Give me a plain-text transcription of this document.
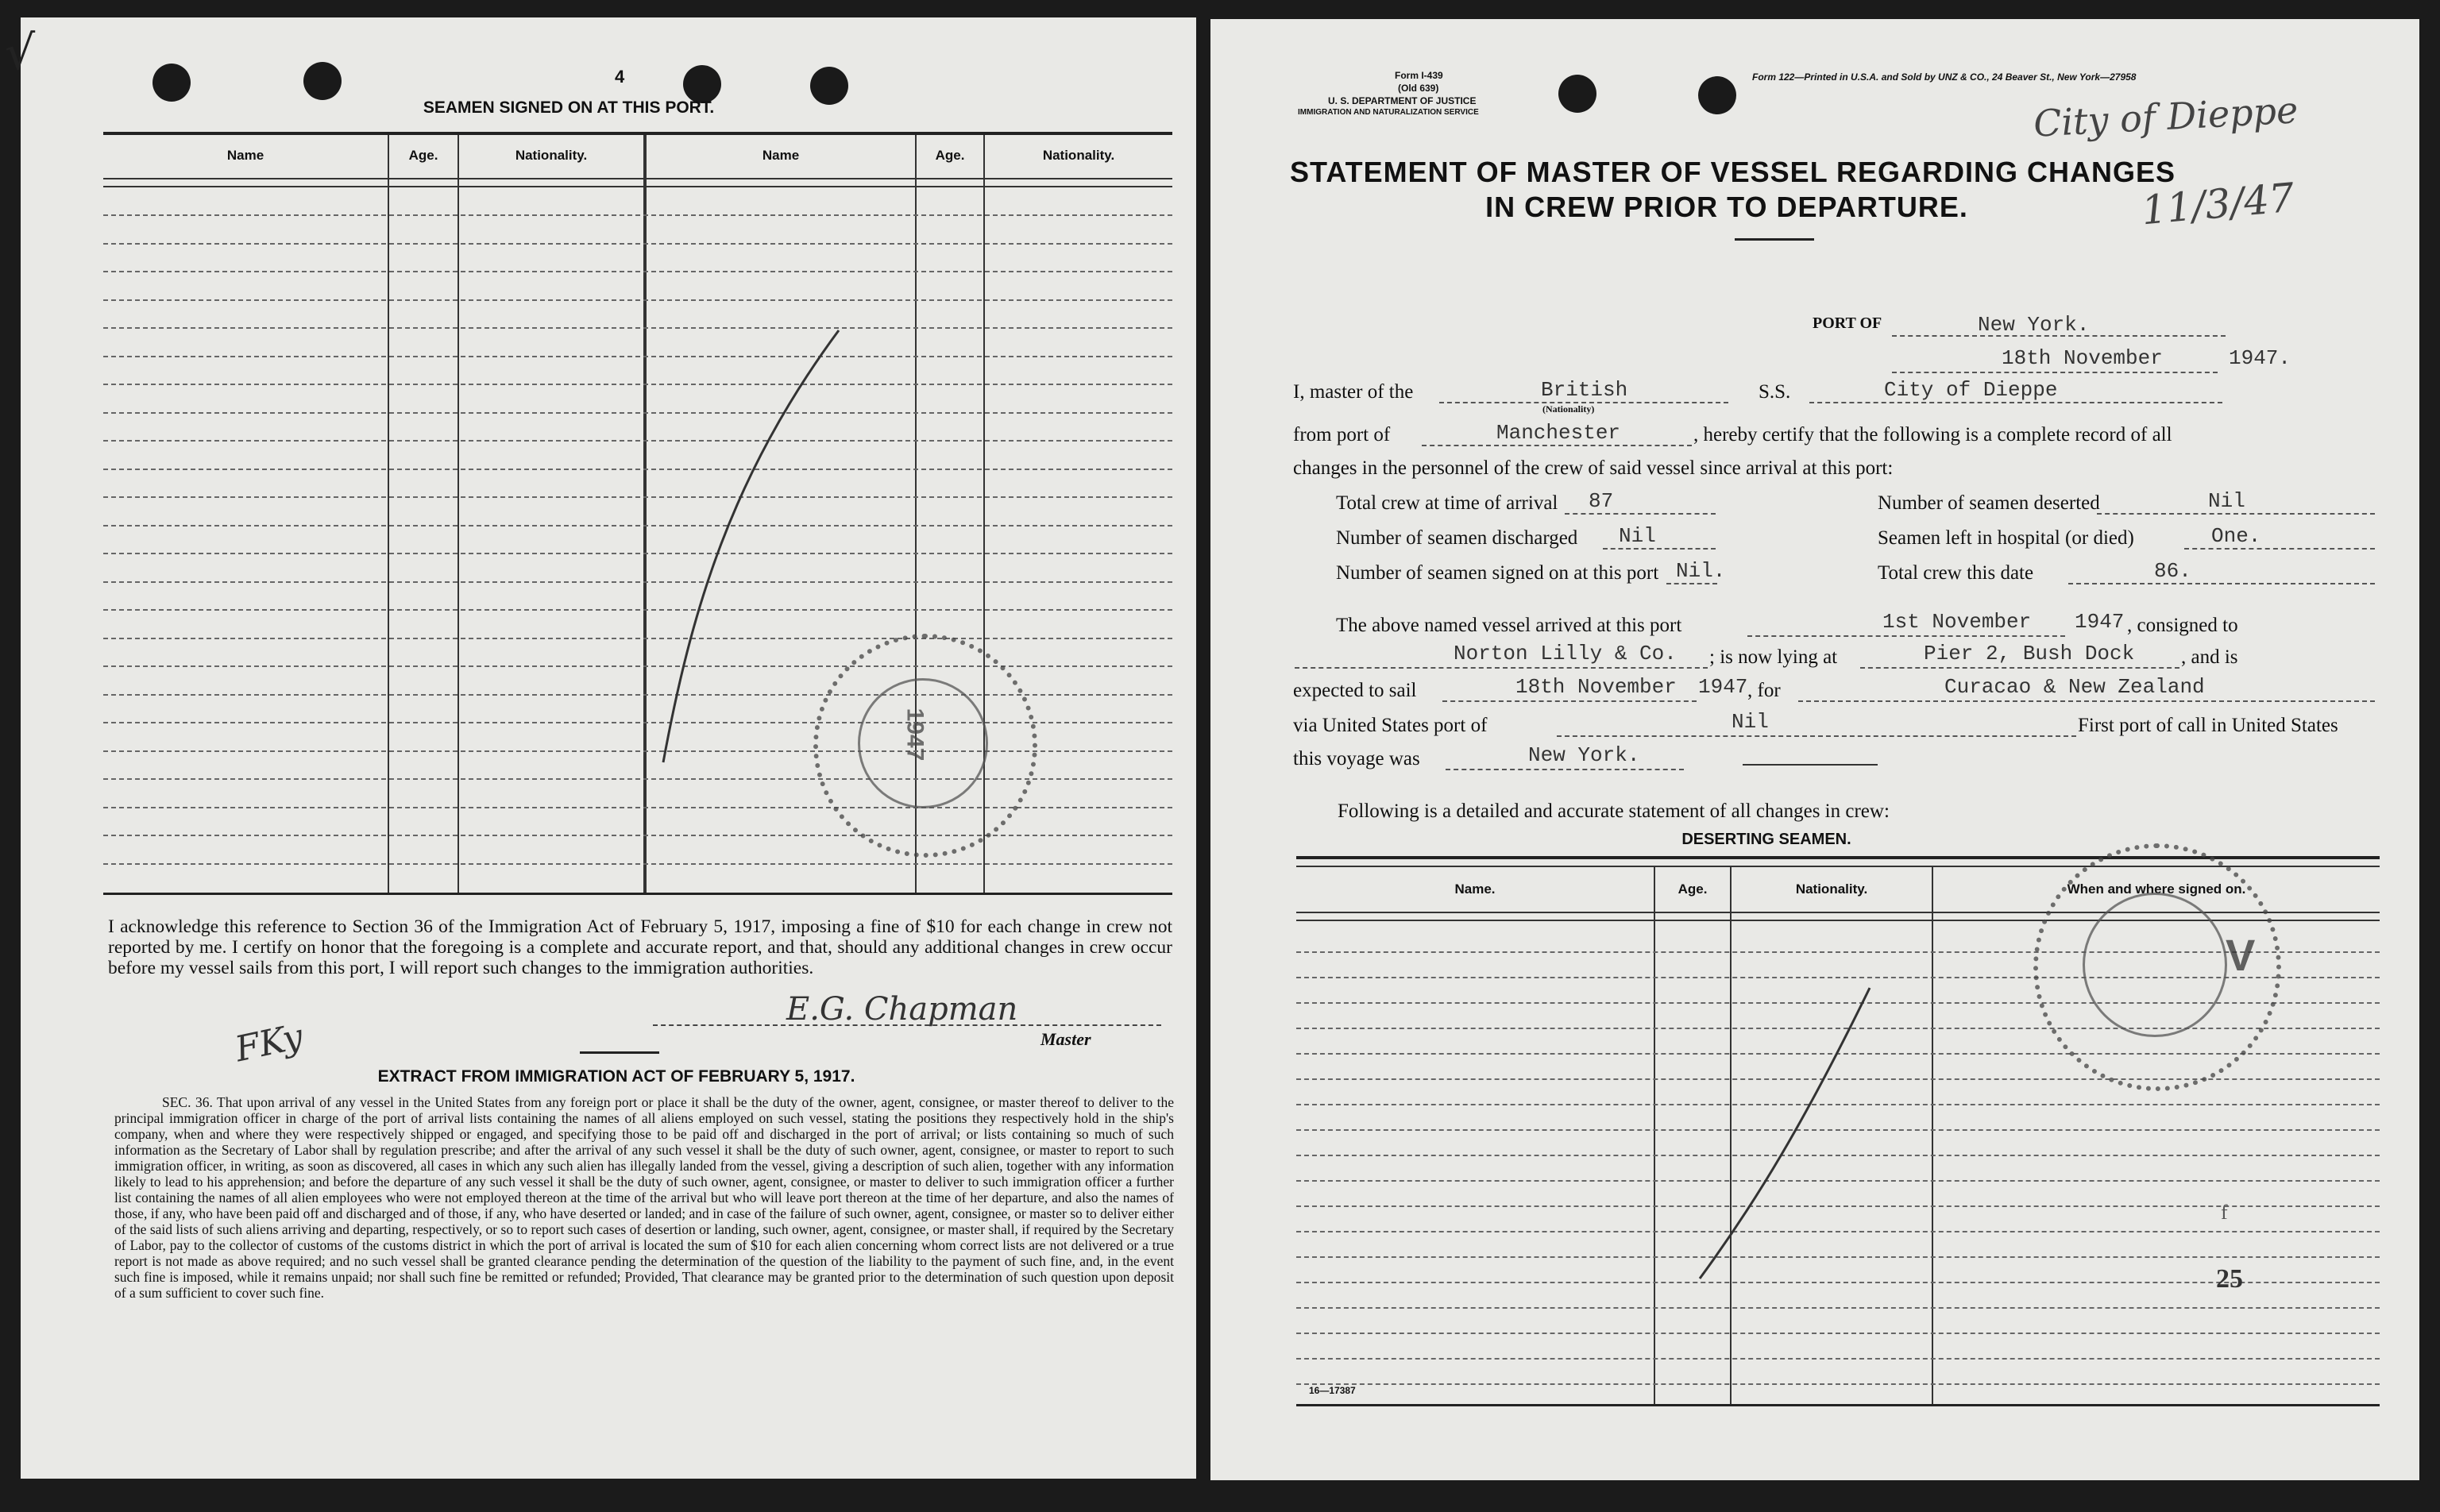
√	4
SEAMEN SIGNED ON AT THIS PORT.
Name	Age.	Nationality.	Name	Age.	Nationality.
1947
I acknowledge this reference to Section 36 of the Immigration Act of February 5, 1917, imposing a fine of $10 for each change in crew not reported by me. I certify on honor that the foregoing is a complete and accurate report, and that, should any additional changes in crew occur before my vessel sails from this port, I will report such changes to the immigration authorities.
E.G. Chapman
Master
FKy
EXTRACT FROM IMMIGRATION ACT OF FEBRUARY 5, 1917.
SEC. 36. That upon arrival of any vessel in the United States from any foreign port or place it shall be the duty of the owner, agent, consignee, or master thereof to deliver to the principal immigration officer in charge of the port of arrival lists containing the names of all aliens employed on such vessel, stating the positions they respectively hold in the ship's company, when and where they were respectively shipped or engaged, and specifying those to be paid off and discharged in the port of arrival; or lists containing so much of such information as the Secretary of Labor shall by regulation prescribe; and after the arrival of any such vessel it shall be the duty of such owner, agent, consignee, or master to report to such immigration officer, in writing, as soon as discovered, all cases in which any such alien has illegally landed from the vessel, giving a description of such alien, together with any information likely to lead to his apprehension; and before the departure of any such vessel it shall be the duty of such owner, agent, consignee, or master to deliver to such immigration officer a further list containing the names of all alien employees who were not employed thereon at the time of the arrival but who will leave port thereon at the time of her departure, and also the names of those, if any, who have been paid off and discharged and of those, if any, who have deserted or landed; and in case of the failure of such owner, agent, consignee, or master so to deliver either of the said lists of such aliens arriving and departing, respectively, or so to report such cases of desertion or landing, such owner, agent, consignee, or master shall, if required by the Secretary of Labor, pay to the collector of customs of the customs district in which the port of arrival is located the sum of $10 for each alien concerning whom correct lists are not delivered or a true report is not made as above required; and no such vessel shall be granted clearance pending the determination of the question of the liability to the payment of such fine, and, in the event such fine is imposed, while it remains unpaid; nor shall such fine be remitted or refunded; Provided, That clearance may be granted prior to the determination of such question upon deposit of a sum sufficient to cover such fine.
Form I-439
(Old 639)
U. S. DEPARTMENT OF JUSTICE
IMMIGRATION AND NATURALIZATION SERVICE
Form 122—Printed in U.S.A. and Sold by UNZ & CO., 24 Beaver St., New York—27958
City of Dieppe
11/3/47
STATEMENT OF MASTER OF VESSEL REGARDING CHANGES
IN CREW PRIOR TO DEPARTURE.
PORT OF	New York.
18th November	1947.
I, master of the	British
(Nationality)
S.S.	City of Dieppe
from port of	Manchester	, hereby certify that the following is a complete record of all
changes in the personnel of the crew of said vessel since arrival at this port:
Total crew at time of arrival 87	Number of seamen deserted	Nil
Number of seamen discharged Nil	Seamen left in hospital (or died)	One.
Number of seamen signed on at this port Nil.	Total crew this date	86.
The above named vessel arrived at this port	1st November 1947 , consigned to
Norton Lilly & Co. ; is now lying at	Pier 2, Bush Dock , and is
expected to sail	18th November 1947 , for	Curacao & New Zealand
via United States port of	Nil	First port of call in United States
this voyage was	New York.
Following is a detailed and accurate statement of all changes in crew:
DESERTING SEAMEN.
Name.	Age.	Nationality.	When and where signed on.
f
25
V
16—17387
